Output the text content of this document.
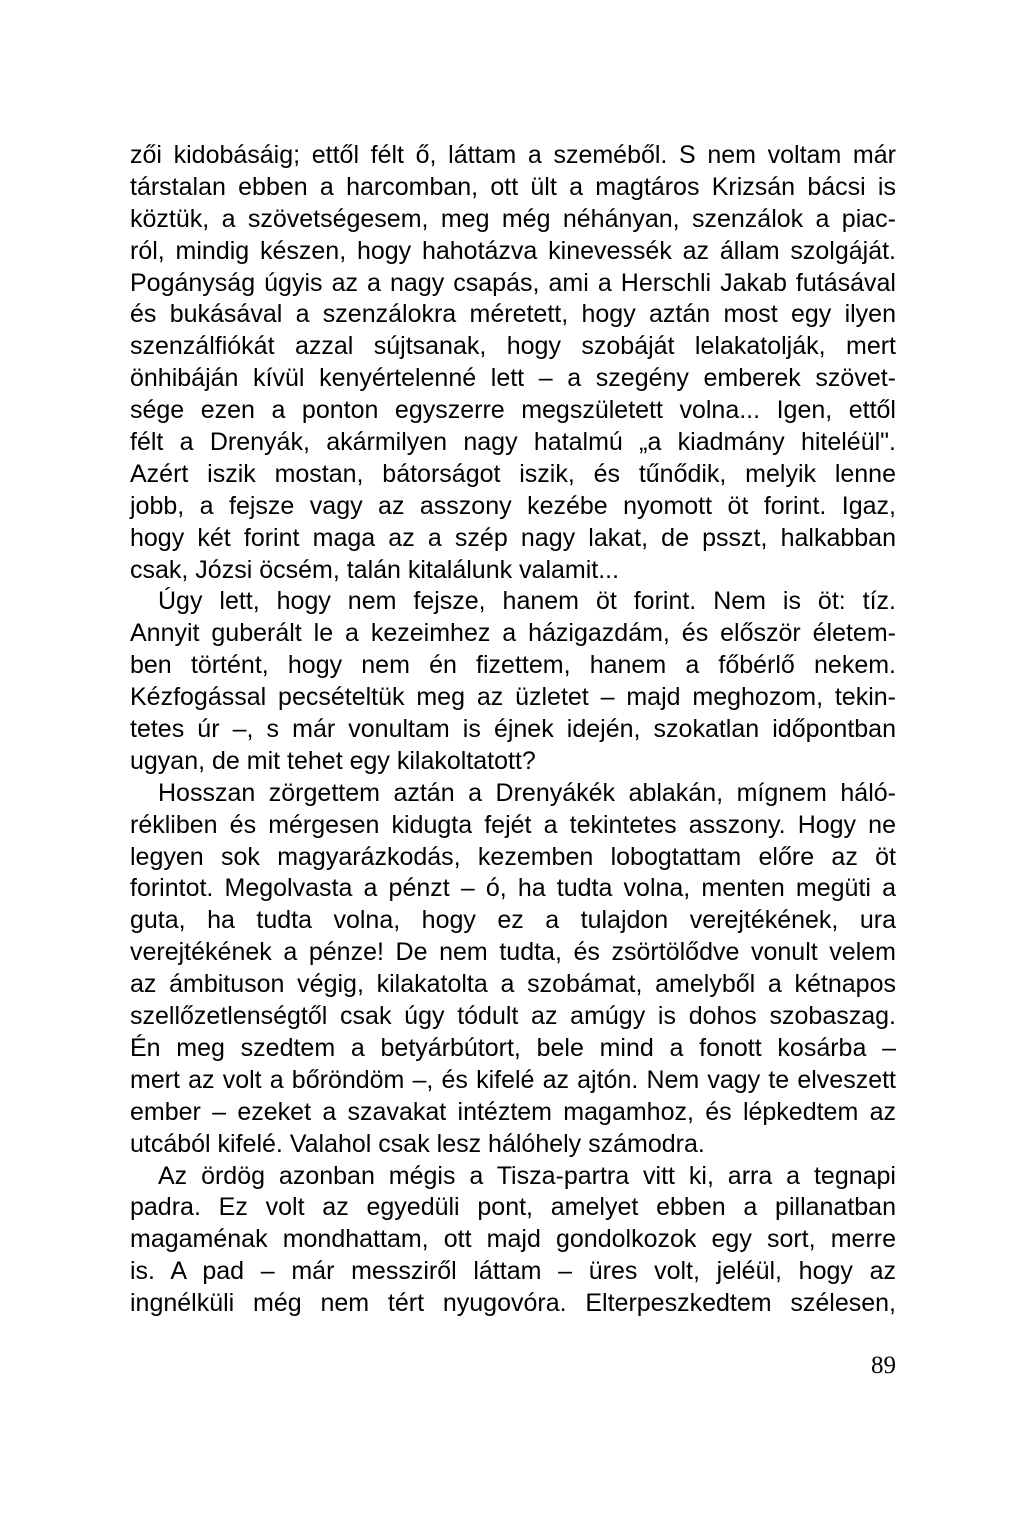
zői kidobásáig; ettől félt ő, láttam a szeméből. S nem voltam már
társtalan ebben a harcomban, ott ült a magtáros Krizsán bácsi is
köztük, a szövetségesem, meg még néhányan, szenzálok a piac-
ról, mindig készen, hogy hahotázva kinevessék az állam szolgáját.
Pogányság úgyis az a nagy csapás, ami a Herschli Jakab futásával
és bukásával a szenzálokra méretett, hogy aztán most egy ilyen
szenzálfiókát azzal sújtsanak, hogy szobáját lelakatolják, mert
önhibáján kívül kenyértelenné lett – a szegény emberek szövet-
sége ezen a ponton egyszerre megszületett volna... Igen, ettől
félt a Drenyák, akármilyen nagy hatalmú „a kiadmány hiteléül".
Azért iszik mostan, bátorságot iszik, és tűnődik, melyik lenne
jobb, a fejsze vagy az asszony kezébe nyomott öt forint. Igaz,
hogy két forint maga az a szép nagy lakat, de psszt, halkabban
csak, Józsi öcsém, talán kitalálunk valamit...
Úgy lett, hogy nem fejsze, hanem öt forint. Nem is öt: tíz.
Annyit guberált le a kezeimhez a házigazdám, és először életem-
ben történt, hogy nem én fizettem, hanem a főbérlő nekem.
Kézfogással pecsételtük meg az üzletet – majd meghozom, tekin-
tetes úr –, s már vonultam is éjnek idején, szokatlan időpontban
ugyan, de mit tehet egy kilakoltatott?
Hosszan zörgettem aztán a Drenyákék ablakán, mígnem háló-
rékliben és mérgesen kidugta fejét a tekintetes asszony. Hogy ne
legyen sok magyarázkodás, kezemben lobogtattam előre az öt
forintot. Megolvasta a pénzt – ó, ha tudta volna, menten megüti a
guta, ha tudta volna, hogy ez a tulajdon verejtékének, ura
verejtékének a pénze! De nem tudta, és zsörtölődve vonult velem
az ámbituson végig, kilakatolta a szobámat, amelyből a kétnapos
szellőzetlenségtől csak úgy tódult az amúgy is dohos szobaszag.
Én meg szedtem a betyárbútort, bele mind a fonott kosárba –
mert az volt a bőröndöm –, és kifelé az ajtón. Nem vagy te elveszett
ember – ezeket a szavakat intéztem magamhoz, és lépkedtem az
utcából kifelé. Valahol csak lesz hálóhely számodra.
Az ördög azonban mégis a Tisza-partra vitt ki, arra a tegnapi
padra. Ez volt az egyedüli pont, amelyet ebben a pillanatban
magaménak mondhattam, ott majd gondolkozok egy sort, merre
is. A pad – már messziről láttam – üres volt, jeléül, hogy az
ingnélküli még nem tért nyugovóra. Elterpeszkedtem szélesen,
89
